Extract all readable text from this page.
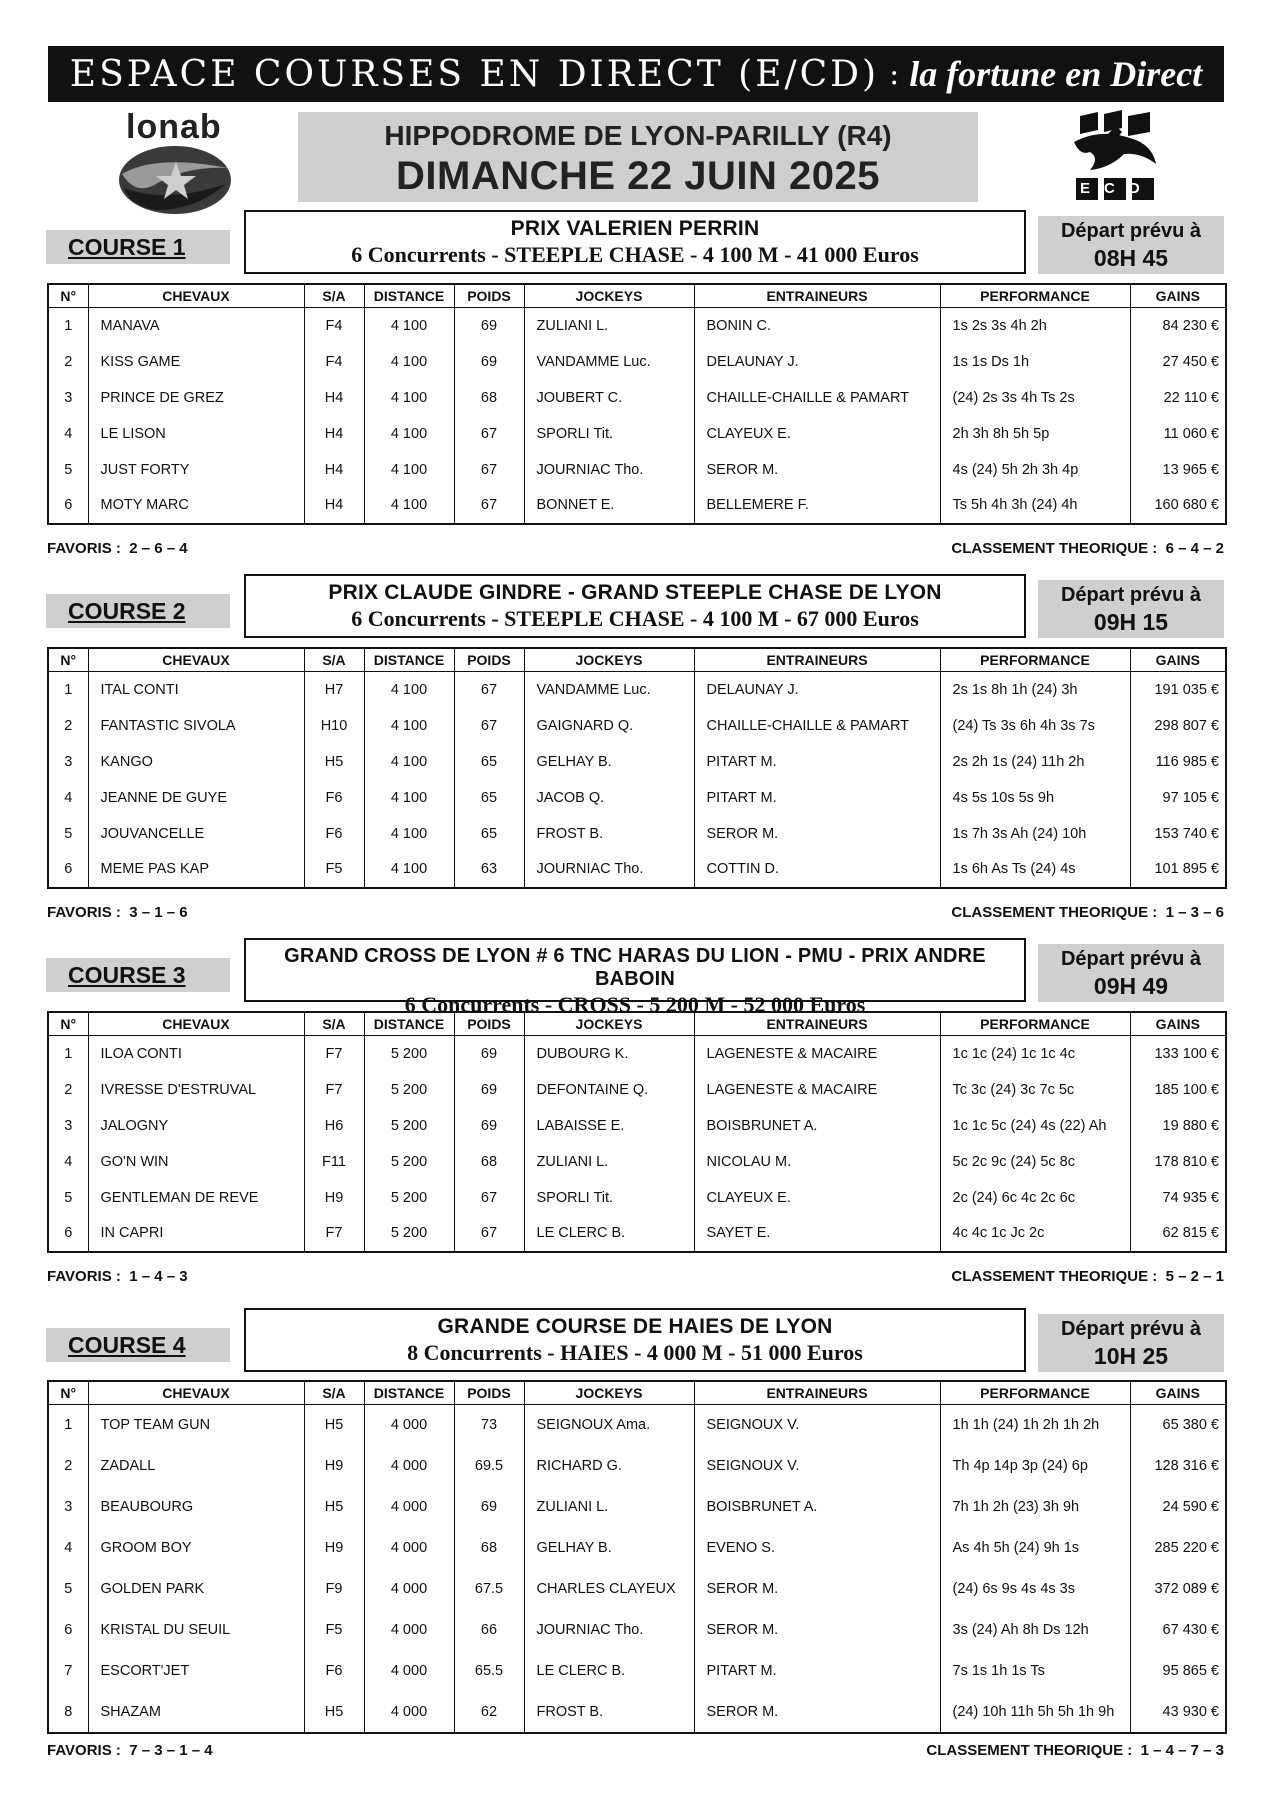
ESPACE COURSES EN DIRECT (E/CD) : la fortune en Direct
lonab	HIPPODROME DE LYON-PARILLY (R4)
DIMANCHE 22 JUIN 2025	ECD
COURSE 1
PRIX VALERIEN PERRIN
6 Concurrents - STEEPLE CHASE - 4 100 M - 41 000 Euros
Départ prévu à
08H 45
N°	CHEVAUX	S/A	DISTANCE	POIDS	JOCKEYS	ENTRAINEURS	PERFORMANCE	GAINS
1	MANAVA	F4	4 100	69	ZULIANI L.	BONIN C.	1s 2s 3s 4h 2h	84 230 €
2	KISS GAME	F4	4 100	69	VANDAMME Luc.	DELAUNAY J.	1s 1s Ds 1h	27 450 €
3	PRINCE DE GREZ	H4	4 100	68	JOUBERT C.	CHAILLE-CHAILLE & PAMART	(24) 2s 3s 4h Ts 2s	22 110 €
4	LE LISON	H4	4 100	67	SPORLI Tit.	CLAYEUX E.	2h 3h 8h 5h 5p	11 060 €
5	JUST FORTY	H4	4 100	67	JOURNIAC Tho.	SEROR M.	4s (24) 5h 2h 3h 4p	13 965 €
6	MOTY MARC	H4	4 100	67	BONNET E.	BELLEMERE F.	Ts 5h 4h 3h (24) 4h	160 680 €
FAVORIS : 2 – 6 – 4	CLASSEMENT THEORIQUE : 6 – 4 – 2
COURSE 2
PRIX CLAUDE GINDRE - GRAND STEEPLE CHASE DE LYON
6 Concurrents - STEEPLE CHASE - 4 100 M - 67 000 Euros
Départ prévu à
09H 15
N°	CHEVAUX	S/A	DISTANCE	POIDS	JOCKEYS	ENTRAINEURS	PERFORMANCE	GAINS
1	ITAL CONTI	H7	4 100	67	VANDAMME Luc.	DELAUNAY J.	2s 1s 8h 1h (24) 3h	191 035 €
2	FANTASTIC SIVOLA	H10	4 100	67	GAIGNARD Q.	CHAILLE-CHAILLE & PAMART	(24) Ts 3s 6h 4h 3s 7s	298 807 €
3	KANGO	H5	4 100	65	GELHAY B.	PITART M.	2s 2h 1s (24) 11h 2h	116 985 €
4	JEANNE DE GUYE	F6	4 100	65	JACOB Q.	PITART M.	4s 5s 10s 5s 9h	97 105 €
5	JOUVANCELLE	F6	4 100	65	FROST B.	SEROR M.	1s 7h 3s Ah (24) 10h	153 740 €
6	MEME PAS KAP	F5	4 100	63	JOURNIAC Tho.	COTTIN D.	1s 6h As Ts (24) 4s	101 895 €
FAVORIS : 3 – 1 – 6	CLASSEMENT THEORIQUE : 1 – 3 – 6
COURSE 3
GRAND CROSS DE LYON # 6 TNC HARAS DU LION - PMU - PRIX ANDRE BABOIN
6 Concurrents - CROSS - 5 200 M - 52 000 Euros
Départ prévu à
09H 49
N°	CHEVAUX	S/A	DISTANCE	POIDS	JOCKEYS	ENTRAINEURS	PERFORMANCE	GAINS
1	ILOA CONTI	F7	5 200	69	DUBOURG K.	LAGENESTE & MACAIRE	1c 1c (24) 1c 1c 4c	133 100 €
2	IVRESSE D'ESTRUVAL	F7	5 200	69	DEFONTAINE Q.	LAGENESTE & MACAIRE	Tc 3c (24) 3c 7c 5c	185 100 €
3	JALOGNY	H6	5 200	69	LABAISSE E.	BOISBRUNET A.	1c 1c 5c (24) 4s (22) Ah	19 880 €
4	GO'N WIN	F11	5 200	68	ZULIANI L.	NICOLAU M.	5c 2c 9c (24) 5c 8c	178 810 €
5	GENTLEMAN DE REVE	H9	5 200	67	SPORLI Tit.	CLAYEUX E.	2c (24) 6c 4c 2c 6c	74 935 €
6	IN CAPRI	F7	5 200	67	LE CLERC B.	SAYET E.	4c 4c 1c Jc 2c	62 815 €
FAVORIS : 1 – 4 – 3	CLASSEMENT THEORIQUE : 5 – 2 – 1
COURSE 4
GRANDE COURSE DE HAIES DE LYON
8 Concurrents - HAIES - 4 000 M - 51 000 Euros
Départ prévu à
10H 25
N°	CHEVAUX	S/A	DISTANCE	POIDS	JOCKEYS	ENTRAINEURS	PERFORMANCE	GAINS
1	TOP TEAM GUN	H5	4 000	73	SEIGNOUX Ama.	SEIGNOUX V.	1h 1h (24) 1h 2h 1h 2h	65 380 €
2	ZADALL	H9	4 000	69.5	RICHARD G.	SEIGNOUX V.	Th 4p 14p 3p (24) 6p	128 316 €
3	BEAUBOURG	H5	4 000	69	ZULIANI L.	BOISBRUNET A.	7h 1h 2h (23) 3h 9h	24 590 €
4	GROOM BOY	H9	4 000	68	GELHAY B.	EVENO S.	As 4h 5h (24) 9h 1s	285 220 €
5	GOLDEN PARK	F9	4 000	67.5	CHARLES CLAYEUX	SEROR M.	(24) 6s 9s 4s 4s 3s	372 089 €
6	KRISTAL DU SEUIL	F5	4 000	66	JOURNIAC Tho.	SEROR M.	3s (24) Ah 8h Ds 12h	67 430 €
7	ESCORT'JET	F6	4 000	65.5	LE CLERC B.	PITART M.	7s 1s 1h 1s Ts	95 865 €
8	SHAZAM	H5	4 000	62	FROST B.	SEROR M.	(24) 10h 11h 5h 5h 1h 9h	43 930 €
FAVORIS : 7 – 3 – 1 – 4	CLASSEMENT THEORIQUE : 1 – 4 – 7 – 3
